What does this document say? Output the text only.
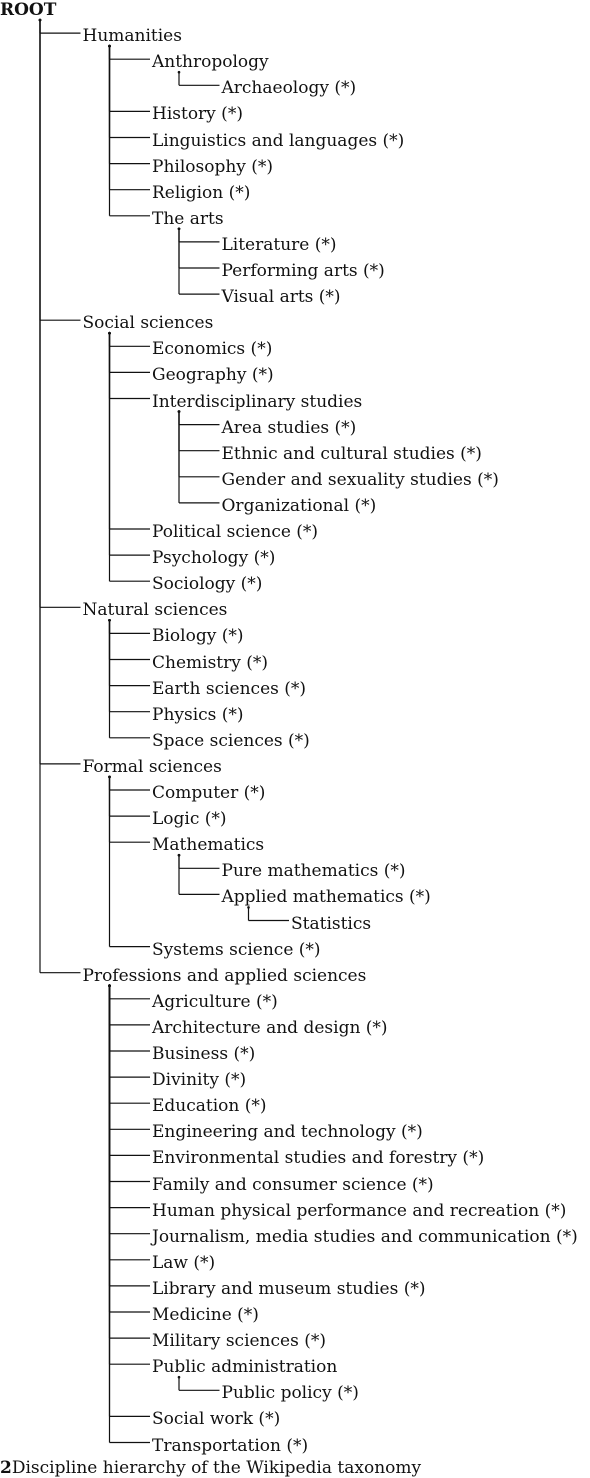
ROOT
Humanities
Anthropology
Archaeology (*)
History (*)
Linguistics and languages (*)
Philosophy (*)
Religion (*)
The arts
Literature (*)
Performing arts (*)
Visual arts (*)
Social sciences
Economics (*)
Geography (*)
Interdisciplinary studies
Area studies (*)
Ethnic and cultural studies (*)
Gender and sexuality studies (*)
Organizational (*)
Political science (*)
Psychology (*)
Sociology (*)
Natural sciences
Biology (*)
Chemistry (*)
Earth sciences (*)
Physics (*)
Space sciences (*)
Formal sciences
Computer (*)
Logic (*)
Mathematics
Pure mathematics (*)
Applied mathematics (*)
Statistics
Systems science (*)
Professions and applied sciences
Agriculture (*)
Architecture and design (*)
Business (*)
Divinity (*)
Education (*)
Engineering and technology (*)
Environmental studies and forestry (*)
Family and consumer science (*)
Human physical performance and recreation (*)
Journalism, media studies and communication (*)
Law (*)
Library and museum studies (*)
Medicine (*)
Military sciences (*)
Public administration
Public policy (*)
Social work (*)
Transportation (*)
2Discipline hierarchy of the Wikipedia taxonomy
